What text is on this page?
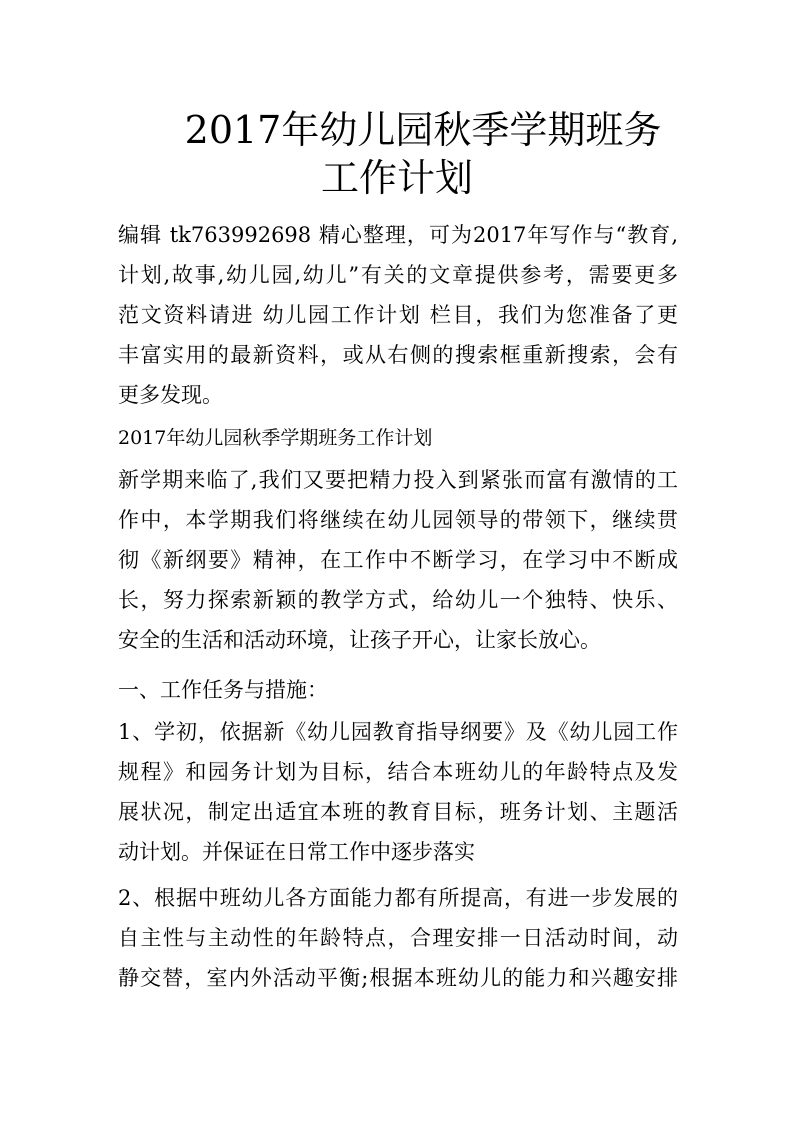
2017年幼儿园秋季学期班务
工作计划
编辑 tk763992698 精心整理，可为2017年写作与“教育,
计划,故事,幼儿园,幼儿”有关的文章提供参考，需要更多
范文资料请进 幼儿园工作计划 栏目，我们为您准备了更
丰富实用的最新资料，或从右侧的搜索框重新搜索，会有
更多发现。
2017年幼儿园秋季学期班务工作计划
新学期来临了,我们又要把精力投入到紧张而富有激情的工
作中，本学期我们将继续在幼儿园领导的带领下，继续贯
彻《新纲要》精神，在工作中不断学习，在学习中不断成
长，努力探索新颖的教学方式，给幼儿一个独特、快乐、
安全的生活和活动环境，让孩子开心，让家长放心。
一、工作任务与措施：
1、学初，依据新《幼儿园教育指导纲要》及《幼儿园工作
规程》和园务计划为目标，结合本班幼儿的年龄特点及发
展状况，制定出适宜本班的教育目标，班务计划、主题活
动计划。并保证在日常工作中逐步落实
2、根据中班幼儿各方面能力都有所提高，有进一步发展的
自主性与主动性的年龄特点，合理安排一日活动时间，动
静交替，室内外活动平衡;根据本班幼儿的能力和兴趣安排
